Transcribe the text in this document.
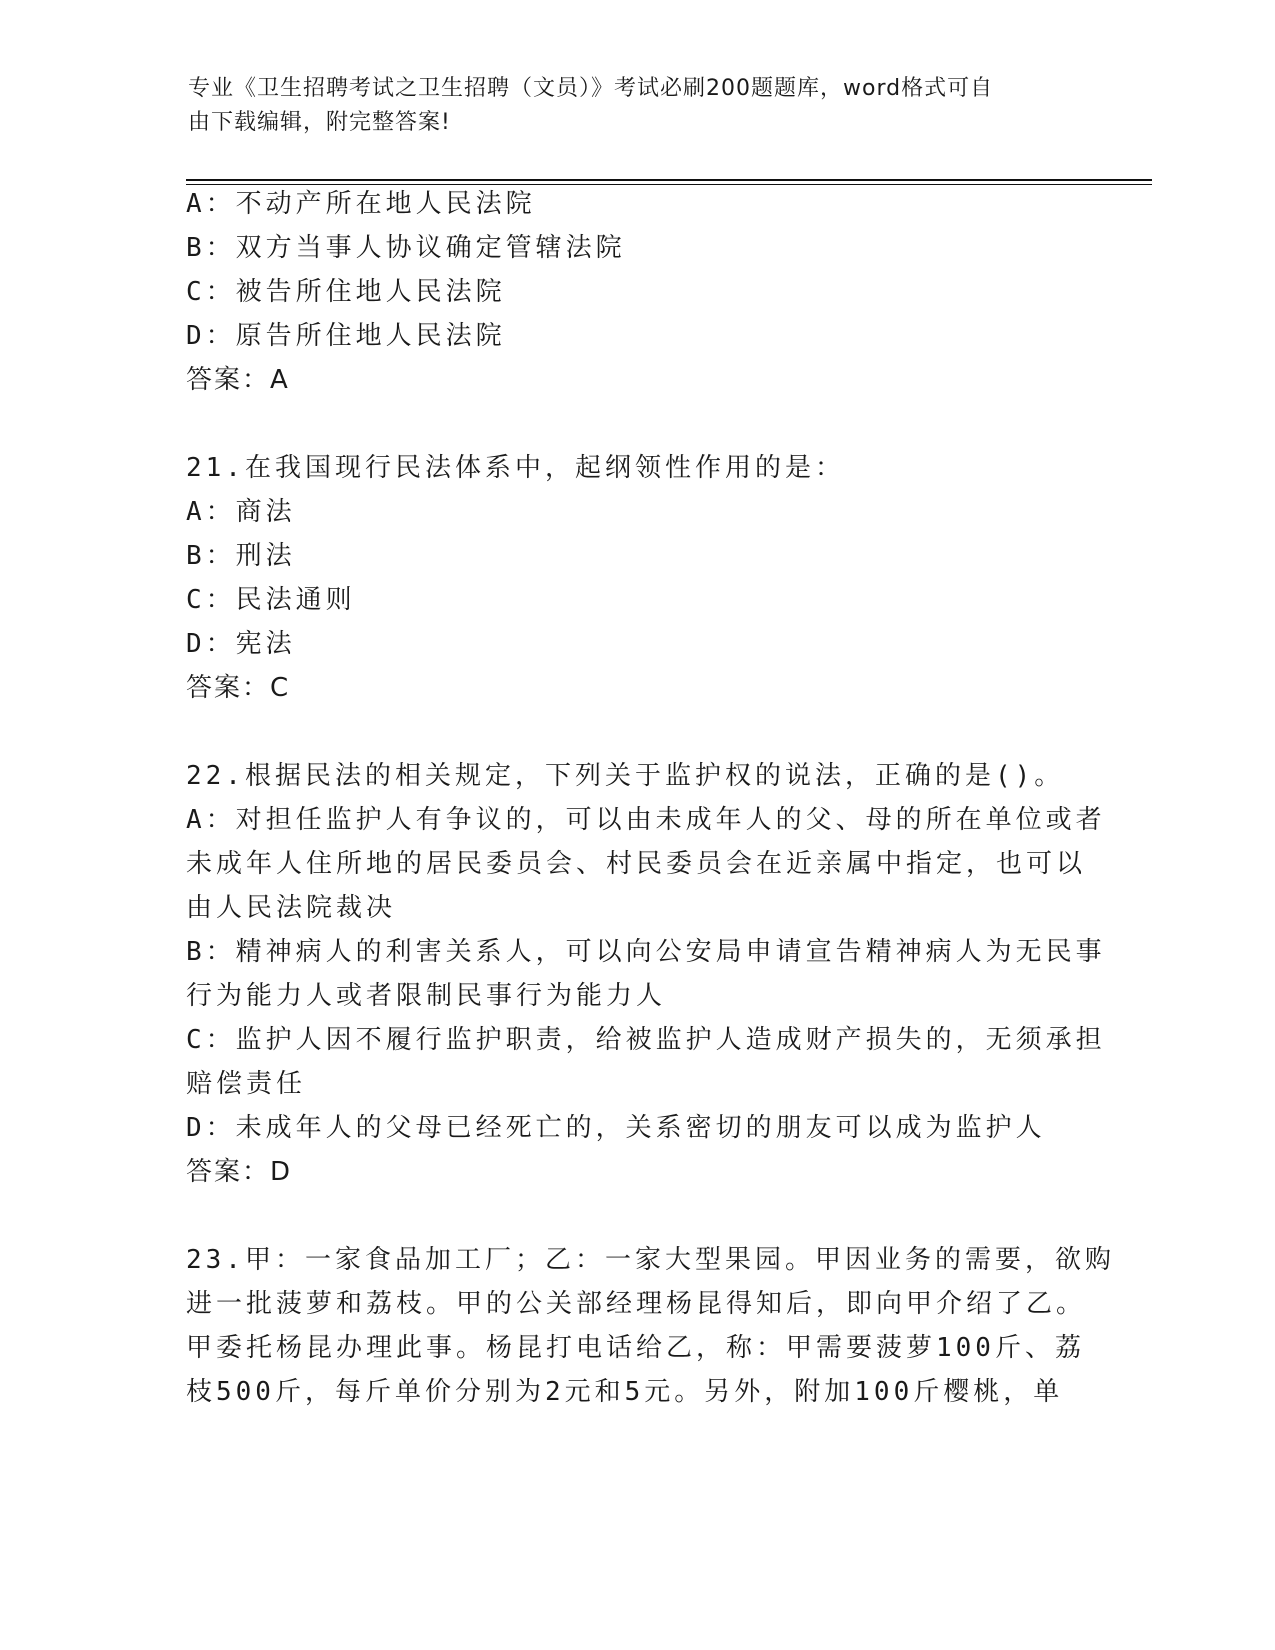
专业《卫生招聘考试之卫生招聘（文员）》考试必刷200题题库，word格式可自
由下载编辑，附完整答案!
A：不动产所在地人民法院
B：双方当事人协议确定管辖法院
C：被告所住地人民法院
D：原告所住地人民法院
答案：A
21.在我国现行民法体系中，起纲领性作用的是：
A：商法
B：刑法
C：民法通则
D：宪法
答案：C
22.根据民法的相关规定，下列关于监护权的说法，正确的是()。
A：对担任监护人有争议的，可以由未成年人的父、母的所在单位或者
未成年人住所地的居民委员会、村民委员会在近亲属中指定，也可以
由人民法院裁决
B：精神病人的利害关系人，可以向公安局申请宣告精神病人为无民事
行为能力人或者限制民事行为能力人
C：监护人因不履行监护职责，给被监护人造成财产损失的，无须承担
赔偿责任
D：未成年人的父母已经死亡的，关系密切的朋友可以成为监护人
答案：D
23.甲：一家食品加工厂；乙：一家大型果园。甲因业务的需要，欲购
进一批菠萝和荔枝。甲的公关部经理杨昆得知后，即向甲介绍了乙。
甲委托杨昆办理此事。杨昆打电话给乙，称：甲需要菠萝100斤、荔
枝500斤，每斤单价分别为2元和5元。另外，附加100斤樱桃，单
